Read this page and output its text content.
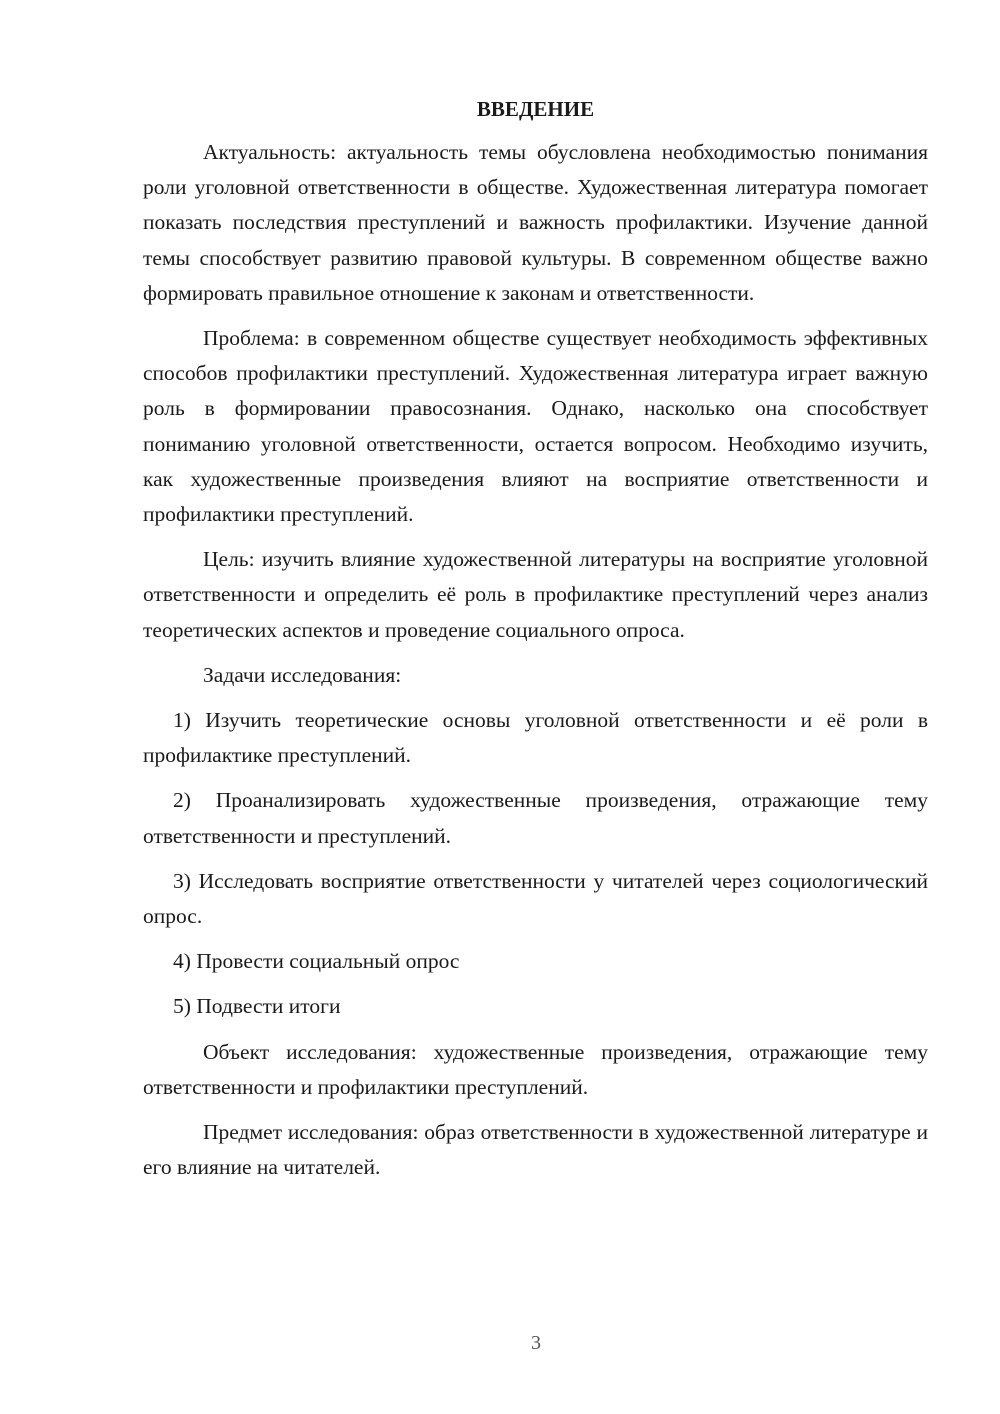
ВВЕДЕНИЕ

Актуальность: актуальность темы обусловлена необходимостью понимания роли уголовной ответственности в обществе. Художественная литература помогает показать последствия преступлений и важность профилактики. Изучение данной темы способствует развитию правовой культуры. В современном обществе важно формировать правильное отношение к законам и ответственности.

Проблема: в современном обществе существует необходимость эффективных способов профилактики преступлений. Художественная литература играет важную роль в формировании правосознания. Однако, насколько она способствует пониманию уголовной ответственности, остается вопросом. Необходимо изучить, как художественные произведения влияют на восприятие ответственности и профилактики преступлений.

Цель: изучить влияние художественной литературы на восприятие уголовной ответственности и определить её роль в профилактике преступлений через анализ теоретических аспектов и проведение социального опроса.

Задачи исследования:

1) Изучить теоретические основы уголовной ответственности и её роли в профилактике преступлений.

2) Проанализировать художественные произведения, отражающие тему ответственности и преступлений.

3) Исследовать восприятие ответственности у читателей через социологический опрос.

4) Провести социальный опрос

5) Подвести итоги

Объект исследования: художественные произведения, отражающие тему ответственности и профилактики преступлений.

Предмет исследования: образ ответственности в художественной литературе и его влияние на читателей.

3
